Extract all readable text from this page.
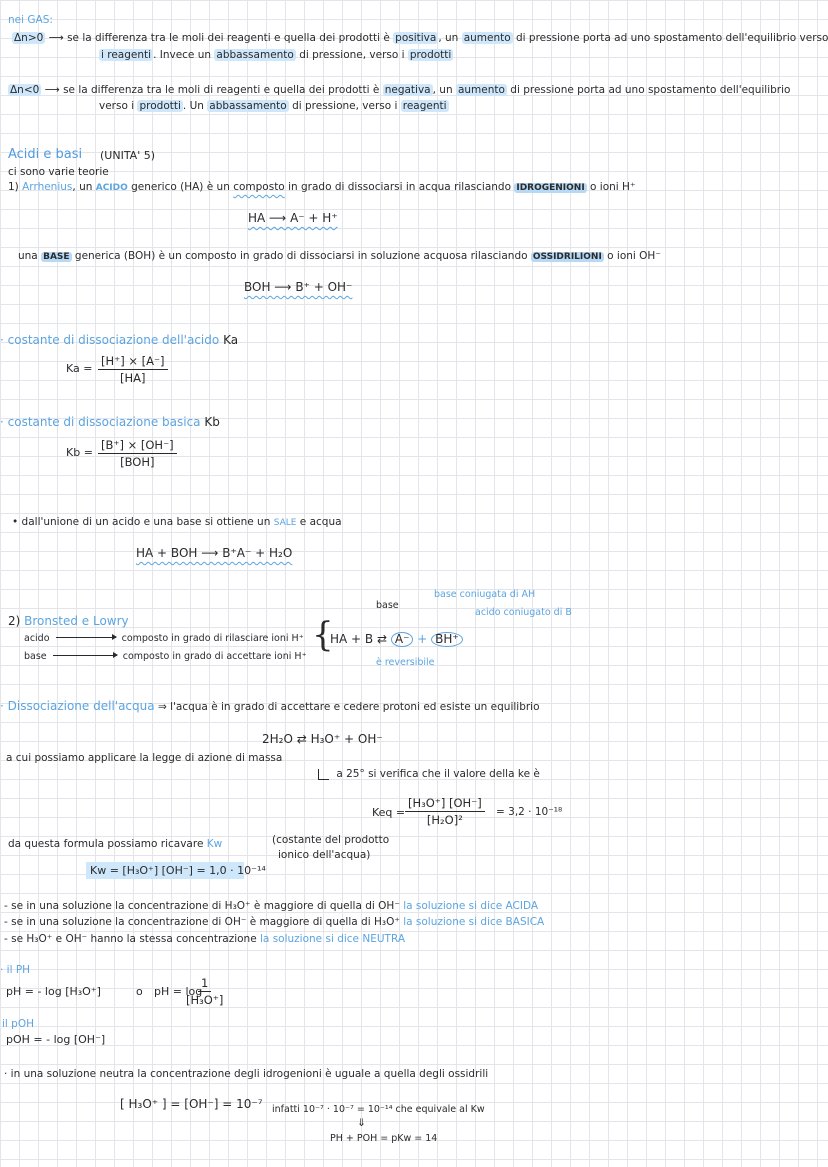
nei GAS:
Δn>0 ⟶ se la differenza tra le moli dei reagenti e quella dei prodotti è positiva , un aumento di pressione porta ad uno spostamento dell'equilibrio verso
i reagenti . Invece un abbassamento di pressione, verso i prodotti
Δn<0 ⟶ se la differenza tra le moli di reagenti e quella dei prodotti è negativa , un aumento di pressione porta ad uno spostamento dell'equilibrio
verso i prodotti . Un abbassamento di pressione, verso i reagenti
Acidi e basi (UNITA' 5)
ci sono varie teorie
1) Arrhenius, un ACIDO generico (HA) è un composto in grado di dissociarsi in acqua rilasciando IDROGENIONI o ioni H⁺
HA ⟶ A⁻ + H⁺
una BASE generica (BOH) è un composto in grado di dissociarsi in soluzione acquosa rilasciando OSSIDRILIONI o ioni OH⁻
BOH ⟶ B⁺ + OH⁻
· costante di dissociazione dell'acido Ka
$Ka = \frac{[H^+] \times [A^-]}{[HA]}$
· costante di dissociazione basica Kb
Kb =
[B⁺] × [OH⁻]
[BOH]
• dall'unione di un acido e una base si ottiene un SALE e acqua
HA + BOH ⟶ B⁺A⁻ + H₂O
2) Bronsted e Lowry
acido	composto in grado di rilasciare ioni H⁺
base	composto in grado di accettare ioni H⁺
{
base
base coniugata di AH
acido coniugato di B
HA + B ⇄ A⁻ + BH⁺
è reversibile
· Dissociazione dell'acqua ⇒ l'acqua è in grado di accettare e cedere protoni ed esiste un equilibrio
2H₂O ⇄ H₃O⁺ + OH⁻
a cui possiamo applicare la legge di azione di massa
a 25° si verifica che il valore della ke è
Keq = $\frac{\text{[H₃O⁺] [OH⁻]}}{\text{[H₂O]²}} = 3,2 \cdot 10^{-18}$
da questa formula possiamo ricavare Kw	(costante del prodotto
ionico dell'acqua)
Kw = [H₃O⁺] [OH⁻] = 1,0 · 10⁻¹⁴
- se in una soluzione la concentrazione di H₃O⁺ è maggiore di quella di OH⁻ la soluzione si dice ACIDA
- se in una soluzione la concentrazione di OH⁻ è maggiore di quella di H₃O⁺ la soluzione si dice BASICA
- se H₃O⁺ e OH⁻ hanno la stessa concentrazione la soluzione si dice NEUTRA
· il PH
pH = - log [H₃O⁺]	o pH = log
$\frac{1}{\text{[H₃O⁺]}}$
il pOH
pOH = - log [OH⁻]
· in una soluzione neutra la concentrazione degli idrogenioni è uguale a quella degli ossidrili
[ H₃O⁺ ] = [OH⁻] = 10⁻⁷ infatti 10⁻⁷ · 10⁻⁷ = 10⁻¹⁴ che equivale al Kw
⇓
PH + POH = pKw = 14
